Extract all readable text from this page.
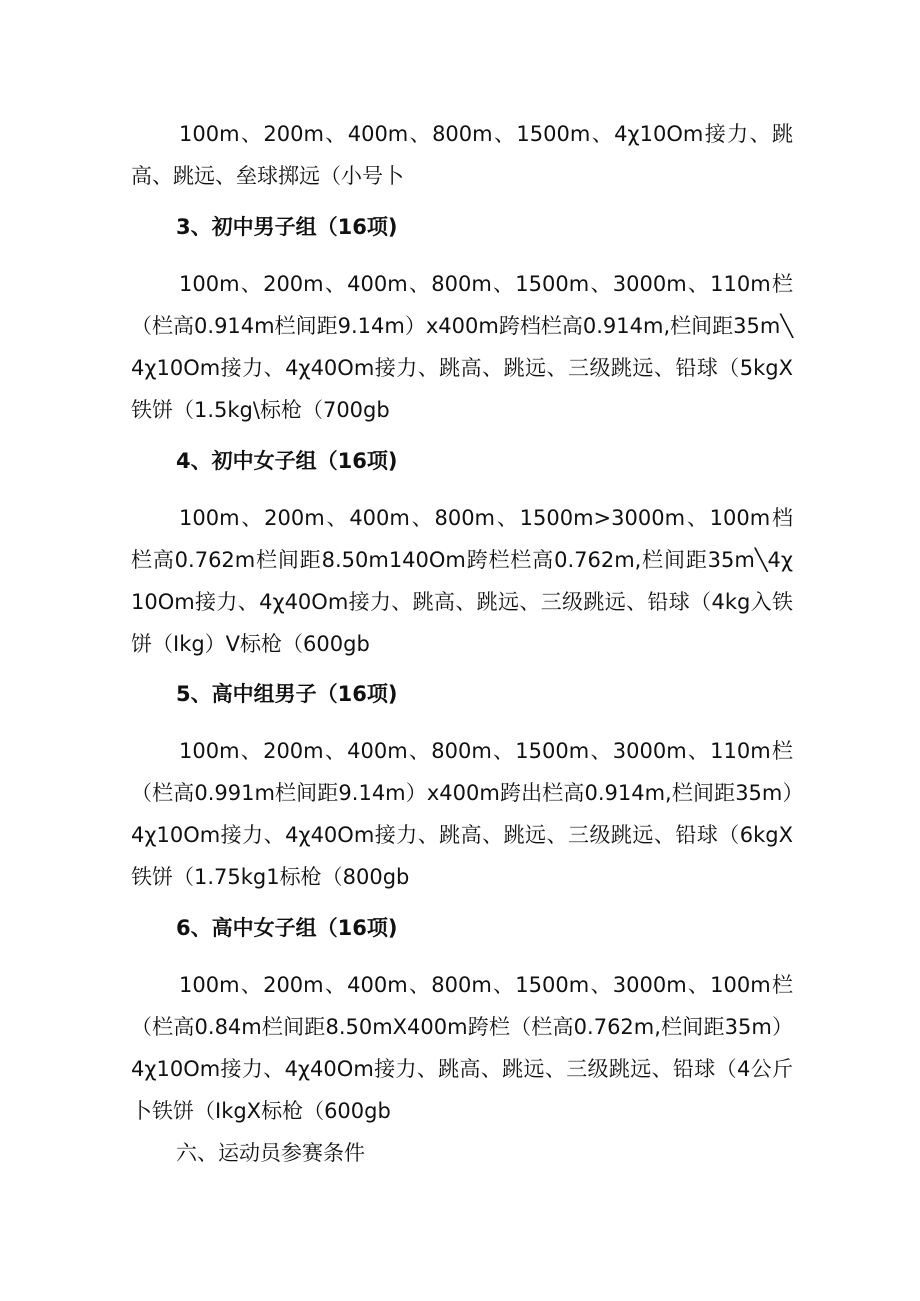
100m、200m、400m、800m、1500m、4χ10Om接力、跳高、跳远、垒球掷远（小号卜

3、初中男子组（16项)

100m、200m、400m、800m、1500m、3000m、110m栏（栏高0.914m栏间距9.14m）x400m跨档栏高0.914m,栏间距35m╲4χ10Om接力、4χ40Om接力、跳高、跳远、三级跳远、铅球（5kgX铁饼（1.5kg\标枪（700gb

4、初中女子组（16项)

100m、200m、400m、800m、1500m>3000m、100m档栏高0.762m栏间距8.50m140Om跨栏栏高0.762m,栏间距35m╲4χ10Om接力、4χ40Om接力、跳高、跳远、三级跳远、铅球（4kg入铁饼（Ikg）V标枪（600gb

5、高中组男子（16项)

100m、200m、400m、800m、1500m、3000m、110m栏（栏高0.991m栏间距9.14m）x400m跨出栏高0.914m,栏间距35m）4χ10Om接力、4χ40Om接力、跳高、跳远、三级跳远、铅球（6kgX铁饼（1.75kg1标枪（800gb

6、高中女子组（16项)

100m、200m、400m、800m、1500m、3000m、100m栏（栏高0.84m栏间距8.50mX400m跨栏（栏高0.762m,栏间距35m）4χ10Om接力、4χ40Om接力、跳高、跳远、三级跳远、铅球（4公斤卜铁饼（IkgX标枪（600gb

六、运动员参赛条件
